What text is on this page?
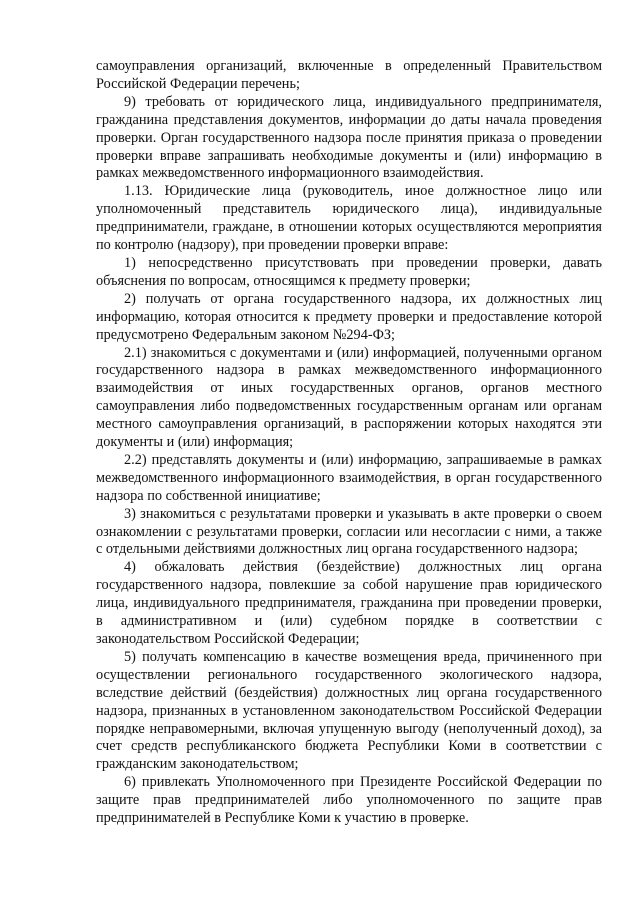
самоуправления организаций, включенные в определенный Правительством Российской Федерации перечень;

9) требовать от юридического лица, индивидуального предпринимателя, гражданина представления документов, информации до даты начала проведения проверки. Орган государственного надзора после принятия приказа о проведении проверки вправе запрашивать необходимые документы и (или) информацию в рамках межведомственного информационного взаимодействия.

1.13. Юридические лица (руководитель, иное должностное лицо или уполномоченный представитель юридического лица), индивидуальные предприниматели, граждане, в отношении которых осуществляются мероприятия по контролю (надзору), при проведении проверки вправе:

1) непосредственно присутствовать при проведении проверки, давать объяснения по вопросам, относящимся к предмету проверки;

2) получать от органа государственного надзора, их должностных лиц информацию, которая относится к предмету проверки и предоставление которой предусмотрено Федеральным законом №294-ФЗ;

2.1) знакомиться с документами и (или) информацией, полученными органом государственного надзора в рамках межведомственного информационного взаимодействия от иных государственных органов, органов местного самоуправления либо подведомственных государственным органам или органам местного самоуправления организаций, в распоряжении которых находятся эти документы и (или) информация;

2.2) представлять документы и (или) информацию, запрашиваемые в рамках межведомственного информационного взаимодействия, в орган государственного надзора по собственной инициативе;

3) знакомиться с результатами проверки и указывать в акте проверки о своем ознакомлении с результатами проверки, согласии или несогласии с ними, а также с отдельными действиями должностных лиц органа государственного надзора;

4) обжаловать действия (бездействие) должностных лиц органа государственного надзора, повлекшие за собой нарушение прав юридического лица, индивидуального предпринимателя, гражданина при проведении проверки, в административном и (или) судебном порядке в соответствии с законодательством Российской Федерации;

5) получать компенсацию в качестве возмещения вреда, причиненного при осуществлении регионального государственного экологического надзора, вследствие действий (бездействия) должностных лиц органа государственного надзора, признанных в установленном законодательством Российской Федерации порядке неправомерными, включая упущенную выгоду (неполученный доход), за счет средств республиканского бюджета Республики Коми в соответствии с гражданским законодательством;

6) привлекать Уполномоченного при Президенте Российской Федерации по защите прав предпринимателей либо уполномоченного по защите прав предпринимателей в Республике Коми к участию в проверке.
